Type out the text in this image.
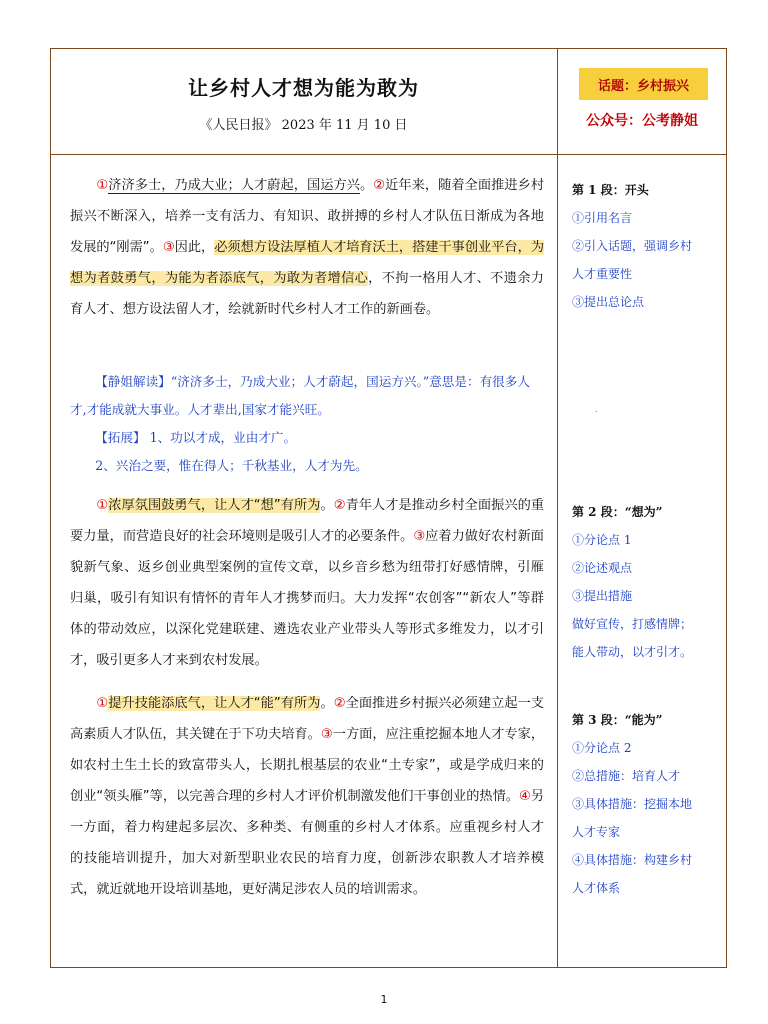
让乡村人才想为能为敢为
《人民日报》 2023 年 11 月 10 日
话题：乡村振兴
公众号：公考静姐

①济济多士，乃成大业；人才蔚起，国运方兴。②近年来，随着全面推进乡村振兴不断深入，培养一支有活力、有知识、敢拼搏的乡村人才队伍日渐成为各地发展的“刚需”。③因此，必须想方设法厚植人才培育沃土，搭建干事创业平台，为想为者鼓勇气，为能为者添底气，为敢为者增信心，不拘一格用人才、不遗余力育人才、想方设法留人才，绘就新时代乡村人才工作的新画卷。

【静姐解读】“济济多士，乃成大业；人才蔚起，国运方兴。”意思是：有很多人才,才能成就大事业。人才辈出,国家才能兴旺。

【拓展】 1、功以才成，业由才广。

2、兴治之要，惟在得人；千秋基业，人才为先。

①浓厚氛围鼓勇气，让人才“想”有所为。②青年人才是推动乡村全面振兴的重要力量，而营造良好的社会环境则是吸引人才的必要条件。③应着力做好农村新面貌新气象、返乡创业典型案例的宣传文章，以乡音乡愁为纽带打好感情牌，引雁归巢，吸引有知识有情怀的青年人才携梦而归。大力发挥“农创客”“新农人”等群体的带动效应，以深化党建联建、遴选农业产业带头人等形式多维发力，以才引才，吸引更多人才来到农村发展。

①提升技能添底气，让人才“能”有所为。②全面推进乡村振兴必须建立起一支高素质人才队伍，其关键在于下功夫培育。③一方面，应注重挖掘本地人才专家，如农村土生土长的致富带头人，长期扎根基层的农业“土专家”，或是学成归来的创业“领头雁”等，以完善合理的乡村人才评价机制激发他们干事创业的热情。④另一方面，着力构建起多层次、多种类、有侧重的乡村人才体系。应重视乡村人才的技能培训提升，加大对新型职业农民的培育力度，创新涉农职教人才培养模式，就近就地开设培训基地，更好满足涉农人员的培训需求。

第 1 段：开头
①引用名言
②引入话题，强调乡村
人才重要性
③提出总论点
.
第 2 段：“想为”
①分论点 1
②论述观点
③提出措施
做好宣传，打感情牌；
能人带动，以才引才。
第 3 段：“能为”
①分论点 2
②总措施：培育人才
③具体措施：挖掘本地
人才专家
④具体措施：构建乡村
人才体系
1
